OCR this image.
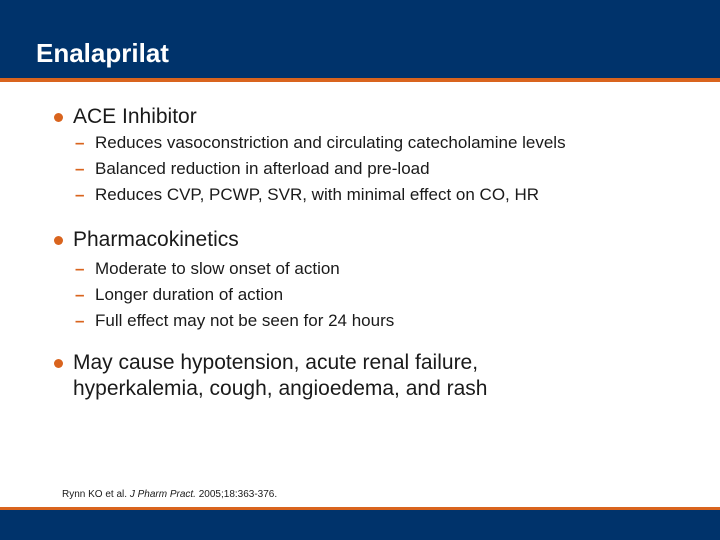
Enalaprilat
ACE Inhibitor
– Reduces vasoconstriction and circulating catecholamine levels
– Balanced reduction in afterload and pre-load
– Reduces CVP, PCWP, SVR, with minimal effect on CO, HR
Pharmacokinetics
– Moderate to slow onset of action
– Longer duration of action
– Full effect may not be seen for 24 hours
May cause hypotension, acute renal failure, hyperkalemia, cough, angioedema, and rash
Rynn KO et al. J Pharm Pract. 2005;18:363-376.
